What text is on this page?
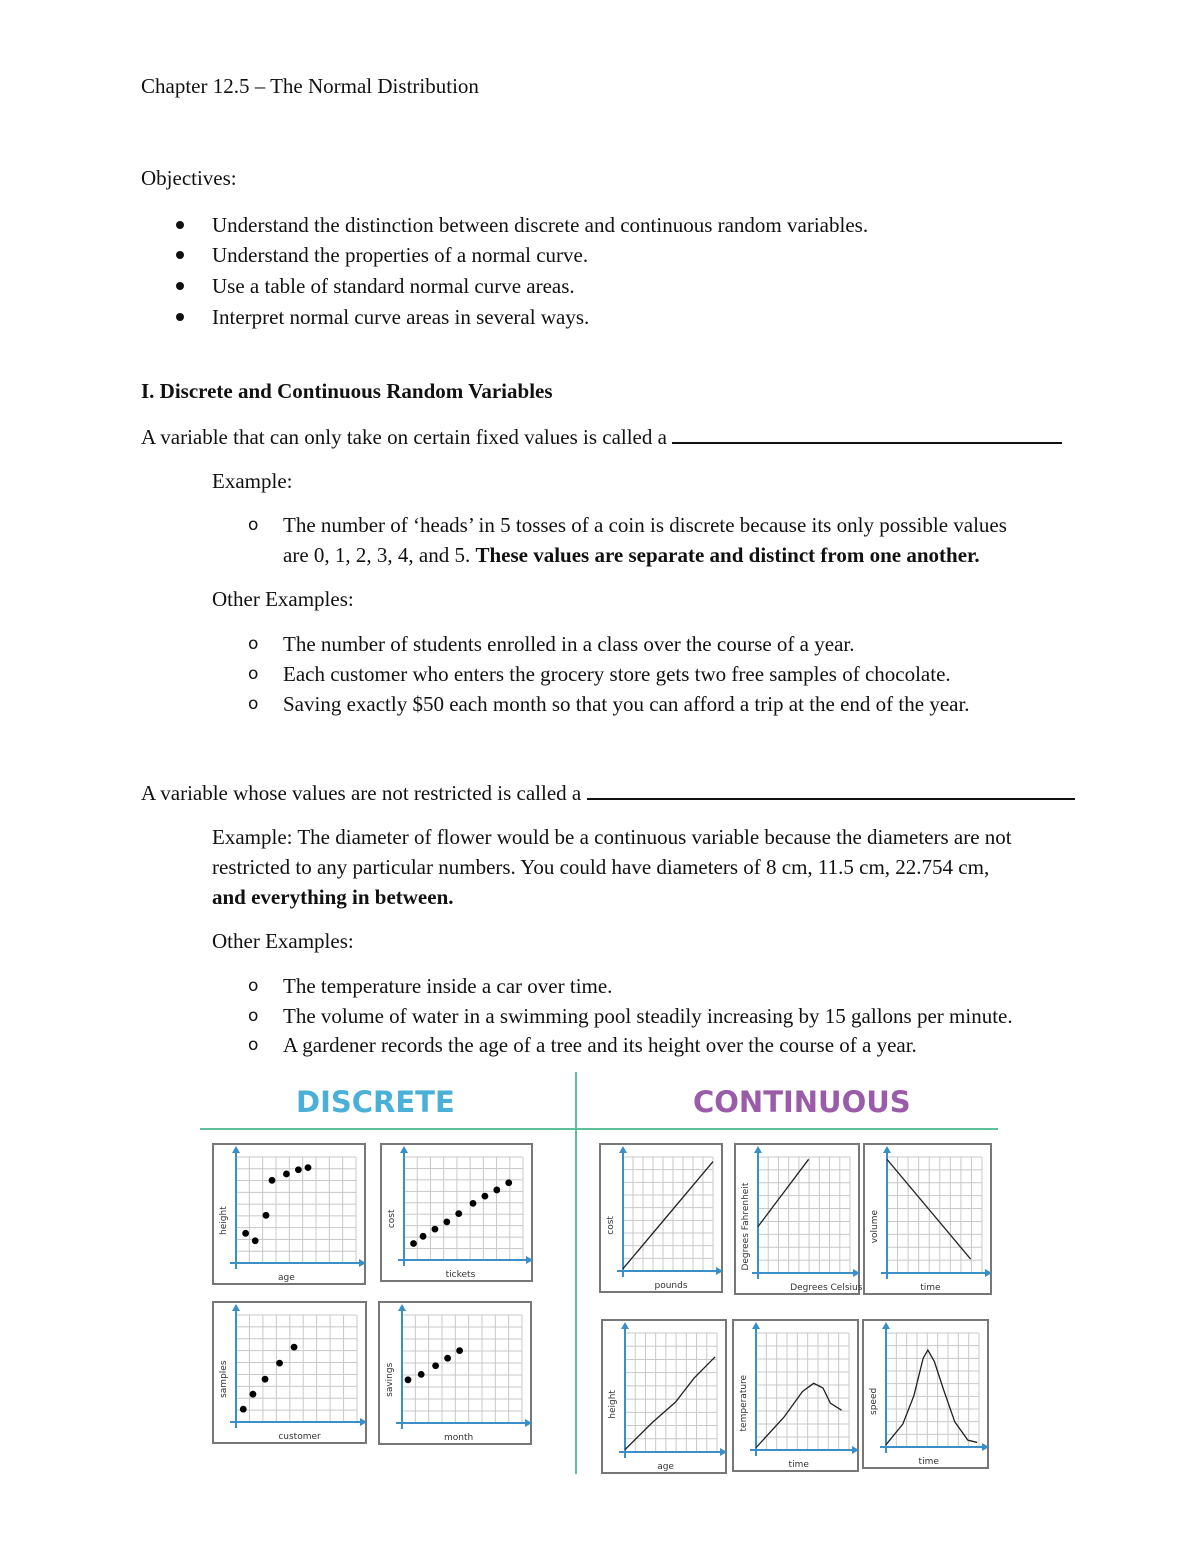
Chapter 12.5 – The Normal Distribution
Objectives:
Understand the distinction between discrete and continuous random variables.
Understand the properties of a normal curve.
Use a table of standard normal curve areas.
Interpret normal curve areas in several ways.
I. Discrete and Continuous Random Variables
A variable that can only take on certain fixed values is called a
Example:
o The number of ‘heads’ in 5 tosses of a coin is discrete because its only possible values
are 0, 1, 2, 3, 4, and 5. These values are separate and distinct from one another.
Other Examples:
o The number of students enrolled in a class over the course of a year.
o Each customer who enters the grocery store gets two free samples of chocolate.
o Saving exactly $50 each month so that you can afford a trip at the end of the year.
A variable whose values are not restricted is called a
Example: The diameter of flower would be a continuous variable because the diameters are not
restricted to any particular numbers. You could have diameters of 8 cm, 11.5 cm, 22.754 cm,
and everything in between.
Other Examples:
o The temperature inside a car over time.
o The volume of water in a swimming pool steadily increasing by 15 gallons per minute.
o A gardener records the age of a tree and its height over the course of a year.
DISCRETE	CONTINUOUS
age
height
tickets
cost
customer
samples
month
savings
pounds
cost
Degrees Celsius
Degrees Fahrenheit
time
volume
age
height
time
temperature
time
speed
